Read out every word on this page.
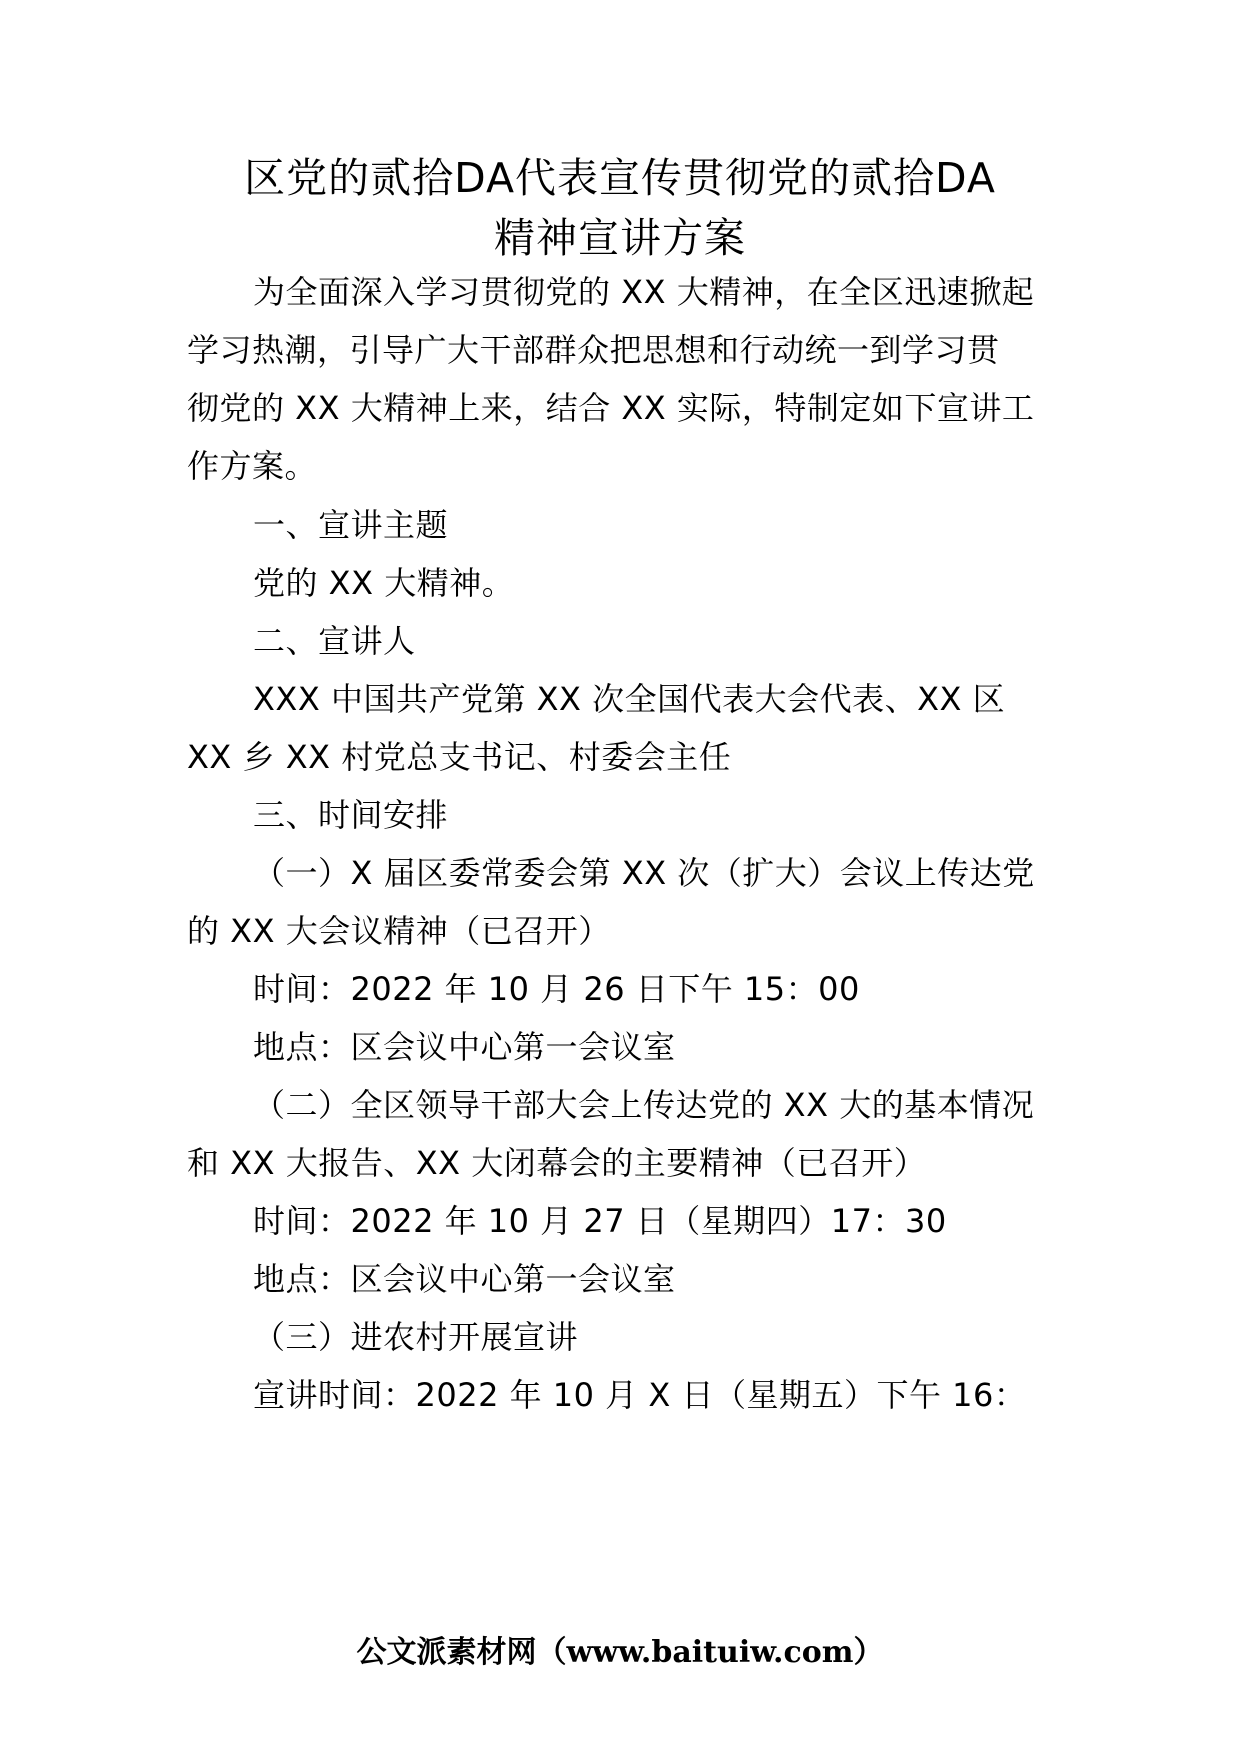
区党的贰拾DA代表宣传贯彻党的贰拾DA
精神宣讲方案
为全面深入学习贯彻党的 XX 大精神，在全区迅速掀起
学习热潮，引导广大干部群众把思想和行动统一到学习贯
彻党的 XX 大精神上来，结合 XX 实际，特制定如下宣讲工
作方案。
一、宣讲主题
党的 XX 大精神。
二、宣讲人
XXX 中国共产党第 XX 次全国代表大会代表、XX 区
XX 乡 XX 村党总支书记、村委会主任
三、时间安排
（一）X 届区委常委会第 XX 次（扩大）会议上传达党
的 XX 大会议精神（已召开）
时间：2022 年 10 月 26 日下午 15：00
地点：区会议中心第一会议室
（二）全区领导干部大会上传达党的 XX 大的基本情况
和 XX 大报告、XX 大闭幕会的主要精神（已召开）
时间：2022 年 10 月 27 日（星期四）17：30
地点：区会议中心第一会议室
（三）进农村开展宣讲
宣讲时间：2022 年 10 月 X 日（星期五）下午 16：
公文派素材网（www.baituiw.com）
